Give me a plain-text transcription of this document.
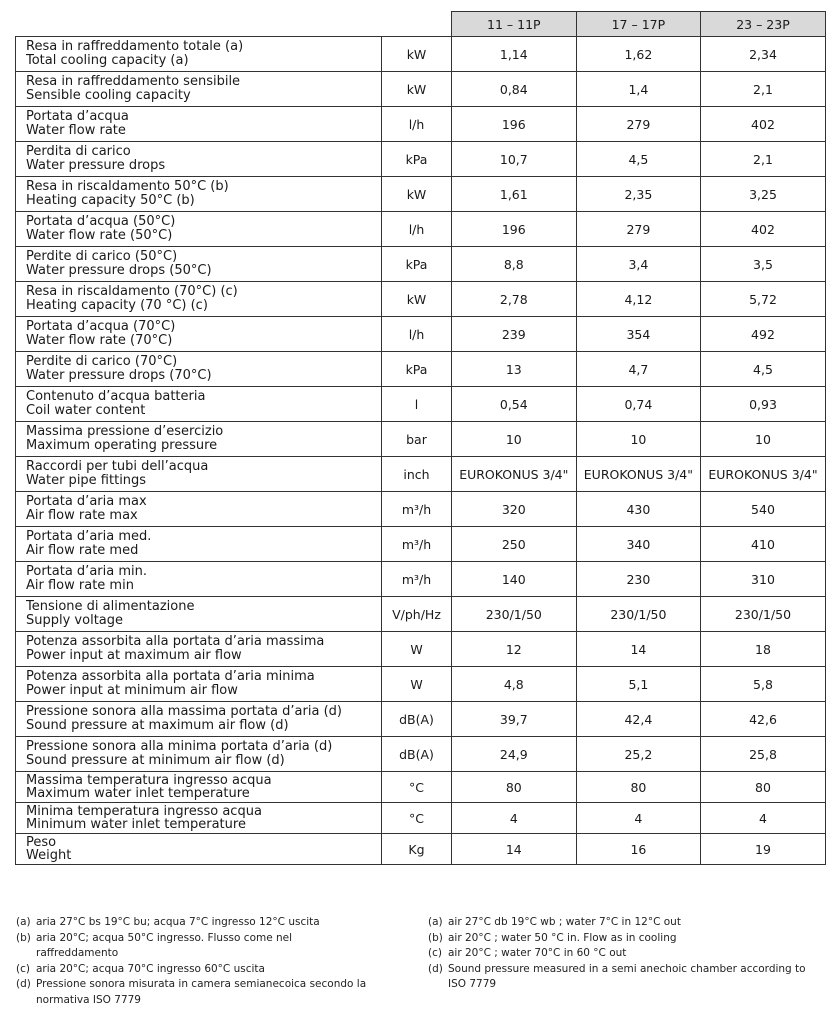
		11 – 11P	17 – 17P	23 – 23P

Resa in raffreddamento totale (a)
Total cooling capacity (a)	kW	1,14	1,62	2,34

Resa in raffreddamento sensibile
Sensible cooling capacity	kW	0,84	1,4	2,1

Portata d’acqua
Water flow rate	l/h	196	279	402

Perdita di carico
Water pressure drops	kPa	10,7	4,5	2,1

Resa in riscaldamento 50°C (b)
Heating capacity 50°C (b)	kW	1,61	2,35	3,25

Portata d’acqua (50°C)
Water flow rate (50°C)	l/h	196	279	402

Perdite di carico (50°C)
Water pressure drops (50°C)	kPa	8,8	3,4	3,5

Resa in riscaldamento (70°C) (c)
Heating capacity (70 °C) (c)	kW	2,78	4,12	5,72

Portata d’acqua (70°C)
Water flow rate (70°C)	l/h	239	354	492

Perdite di carico (70°C)
Water pressure drops (70°C)	kPa	13	4,7	4,5

Contenuto d’acqua batteria
Coil water content	l	0,54	0,74	0,93

Massima pressione d’esercizio
Maximum operating pressure	bar	10	10	10

Raccordi per tubi dell’acqua
Water pipe fittings	inch	EUROKONUS 3/4"	EUROKONUS 3/4"	EUROKONUS 3/4"

Portata d’aria max
Air flow rate max	m³/h	320	430	540

Portata d’aria med.
Air flow rate med	m³/h	250	340	410

Portata d’aria min.
Air flow rate min	m³/h	140	230	310

Tensione di alimentazione
Supply voltage	V/ph/Hz	230/1/50	230/1/50	230/1/50

Potenza assorbita alla portata d’aria massima
Power input at maximum air flow	W	12	14	18

Potenza assorbita alla portata d’aria minima
Power input at minimum air flow	W	4,8	5,1	5,8

Pressione sonora alla massima portata d’aria (d)
Sound pressure at maximum air flow (d)	dB(A)	39,7	42,4	42,6

Pressione sonora alla minima portata d’aria (d)
Sound pressure at minimum air flow (d)	dB(A)	24,9	25,2	25,8

Massima temperatura ingresso acqua
Maximum water inlet temperature	°C	80	80	80

Minima temperatura ingresso acqua
Minimum water inlet temperature	°C	4	4	4

Peso
Weight	Kg	14	16	19
(a) aria 27°C bs 19°C bu; acqua 7°C ingresso 12°C uscita
(b) aria 20°C; acqua 50°C ingresso. Flusso come nel raffreddamento
(c) aria 20°C; acqua 70°C ingresso 60°C uscita
(d) Pressione sonora misurata in camera semianecoica secondo la normativa ISO 7779
(a) air 27°C db 19°C wb ; water 7°C in 12°C out
(b) air 20°C ; water 50 °C in. Flow as in cooling
(c) air 20°C ; water 70°C in 60 °C out
(d) Sound pressure measured in a semi anechoic chamber according to ISO 7779
